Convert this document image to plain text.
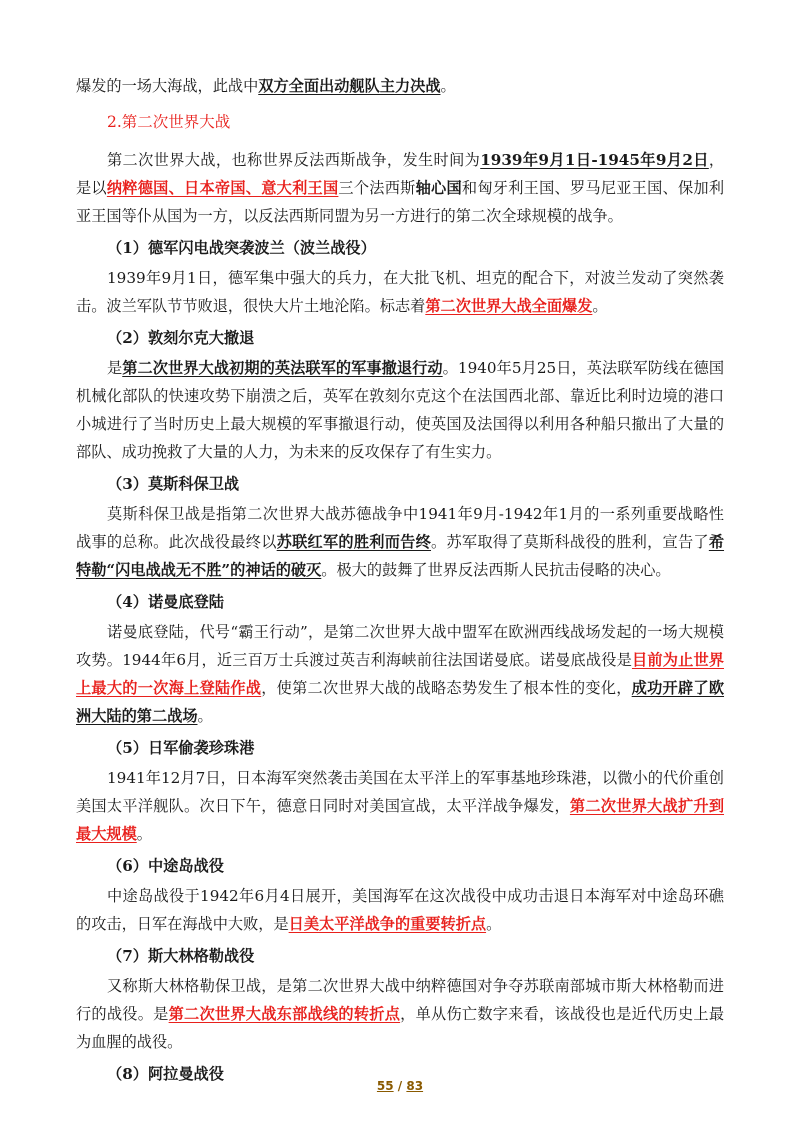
爆发的一场大海战，此战中双方全面出动舰队主力决战。

2.第二次世界大战

第二次世界大战，也称世界反法西斯战争，发生时间为1939年9月1日-1945年9月2日，是以纳粹德国、日本帝国、意大利王国三个法西斯轴心国和匈牙利王国、罗马尼亚王国、保加利亚王国等仆从国为一方，以反法西斯同盟为另一方进行的第二次全球规模的战争。

（1）德军闪电战突袭波兰（波兰战役）

1939年9月1日，德军集中强大的兵力，在大批飞机、坦克的配合下，对波兰发动了突然袭击。波兰军队节节败退，很快大片土地沦陷。标志着第二次世界大战全面爆发。

（2）敦刻尔克大撤退

是第二次世界大战初期的英法联军的军事撤退行动。1940年5月25日，英法联军防线在德国机械化部队的快速攻势下崩溃之后，英军在敦刻尔克这个在法国西北部、靠近比利时边境的港口小城进行了当时历史上最大规模的军事撤退行动，使英国及法国得以利用各种船只撤出了大量的部队、成功挽救了大量的人力，为未来的反攻保存了有生实力。

（3）莫斯科保卫战

莫斯科保卫战是指第二次世界大战苏德战争中1941年9月-1942年1月的一系列重要战略性战事的总称。此次战役最终以苏联红军的胜利而告终。苏军取得了莫斯科战役的胜利，宣告了希特勒“闪电战战无不胜”的神话的破灭。极大的鼓舞了世界反法西斯人民抗击侵略的决心。

（4）诺曼底登陆

诺曼底登陆，代号“霸王行动”，是第二次世界大战中盟军在欧洲西线战场发起的一场大规模攻势。1944年6月，近三百万士兵渡过英吉利海峡前往法国诺曼底。诺曼底战役是目前为止世界上最大的一次海上登陆作战，使第二次世界大战的战略态势发生了根本性的变化，成功开辟了欧洲大陆的第二战场。

（5）日军偷袭珍珠港

1941年12月7日，日本海军突然袭击美国在太平洋上的军事基地珍珠港，以微小的代价重创美国太平洋舰队。次日下午，德意日同时对美国宣战，太平洋战争爆发，第二次世界大战扩升到最大规模。

（6）中途岛战役

中途岛战役于1942年6月4日展开，美国海军在这次战役中成功击退日本海军对中途岛环礁的攻击，日军在海战中大败，是日美太平洋战争的重要转折点。

（7）斯大林格勒战役

又称斯大林格勒保卫战，是第二次世界大战中纳粹德国对争夺苏联南部城市斯大林格勒而进行的战役。是第二次世界大战东部战线的转折点，单从伤亡数字来看，该战役也是近代历史上最为血腥的战役。

（8）阿拉曼战役
55 / 83
